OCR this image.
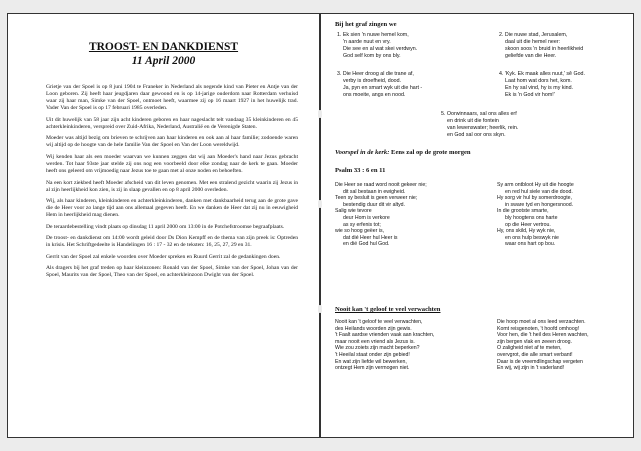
TROOST- EN DANKDIENST
11 April 2000

Grietje van der Spoel is op 8 juni 1904 te Franeker in Nederland als negende kind van Pieter en Antje van der Loon geboren. Zij heeft haar jeugdjaren daar gewoond en is op 14-jarige ouderdom naar Rotterdam verhuisd waar zij haar man, Simke van der Spoel, ontmoet heeft, waarmee zij op 16 maart 1927 in het huwelijk trad. Vader Van der Spoel is op 17 februari 1985 overleden.

Uit dit huwelijk van 58 jaar zijn acht kinderen geboren en haar nageslacht telt vandaag 35 kleinkinderen en 45 achterkleinkinderen, verspreid over Zuid-Afrika, Nederland, Australië en de Verenigde Staten.

Moeder was altijd bezig om brieven te schrijven aan haar kinderen en ook aan al haar familie; zodoende waren wij altijd op de hoogte van de hele familie Van der Spoel en Van der Loon wereldwijd.

Wij kenden haar als een moeder waarvan we kunnen zeggen dat wij aan Moeder's hand naar Jezus gebracht werden. Tot haar 93ste jaar stelde zij ons nog een voorbeeld door elke zondag naar de kerk te gaan. Moeder heeft ons geleerd om vrijmoedig naar Jezus toe te gaan met al onze noden en behoeften.

Na een kort ziekbed heeft Moeder afscheid van dit leven genomen. Met een stralend gezicht waarin zij Jezus in al zijn heerlijkheid kon zien, is zij in slaap gevallen en op 8 april 2000 overleden.

Wij, als haar kinderen, kleinkinderen en achterkleinkinderen, danken met dankbaarheid terug aan de grote gave die de Heer voor zo lange tijd aan ons allemaal gegeven heeft. En we danken de Heer dat zij nu in eeuwigheid Hem in heerlijkheid mag dienen.

De teraardebestelling vindt plaats op dinsdag 11 april 2000 om 13:00 in de Potchefstroomse begraafplaats.

De troost- en dankdienst om 14:00 wordt geleid door Ds Dion Kempff en de thema van zijn preek is: Optreden in krisis. Het Schriftgedeelte is Handelingen 16 : 17 - 32 en de teksten: 16, 25, 27, 29 en 31.

Gerrit van der Spoel zal enkele woorden over Moeder spreken en Ruurd Gerrit zal de gedankingen doen.

Als dragers bij het graf treden op haar kleinzonen: Ronald van der Spoel, Simke van der Spoel, Johan van der Spoel, Maurits van der Spoel, Theo van der Spoel, en achterkleinzoon Dwight van der Spoel.

Bij het graf zingen we
1. Ek sien 'n nuwe hemel kom,
'n aarde nuut en vry.
Die see en al wat skei verdwyn.
God self kom by ons bly.
2. Die nuwe stad, Jerusalem,
daal uit die hemel neer:
skoon soos 'n bruid in heerlikheid
geliefde van die Heer.
3. Die Heer droog al die trane af,
verby is droefheid, dood.
Ja, pyn en smart wyk uit die hart -
ons moeite, angs en nood.
4. 'Kyk. Ek maak alles nuut,' sê God.
Laat hom wat dors het, kom.
En hy sal vind, hy is my kind.
Ek is 'n God vir hom!'
5. Oorwinnaars, sal ons alles erf
en drink uit die fontein
van lewenswater; heerlik, rein.
en God sal oor ons skyn.
Voorspel in de kerk: Eens zal op de grote morgen
Psalm 33 : 6 en 11
Die Heer se raad word nooit gekeer nie;
dit sal bestaan in ewigheid.
Teen sy besluit is geen verweer nie;
bestendig duur dit vir altyd.
Salig wie tevore
deur Hom is verkore
as sy erfenis tot;
wie so hoog geëer is,
dat dié Heer hul Heer is
en dié God hul God.
Sy arm ontbloot Hy uit die hoogte
en red hul siele van die dood.
Hy sorg vir hul by somerdroogte,
in sware tyd en hongersnood.
In die grootste smarte,
bly hoogtens ons harte
op die Heer vertrou.
Hy, ons skild, Hy wyk nie,
en ons hulp beswyk nie
waar ons hart op bou.
Nooit kan 't geloof te veel verwachten
Nooit kan 't geloof te veel verwachten,
des Heilands woorden zijn gewis.
't Faalt aardse vrienden vaak aan krachten,
maar nooit een vriend als Jezus is.
Wie zou zoiets zijn macht beperken?
't Heeilal staat onder zijn gebied!
En wat zijn liefde wil bewerken,
ontzegt Hem zijn vermogen niet.
Die hoop moet al ons leed verzachten.
Komt reisgenoten, 't hoofd omhoog!
Voor hen, die 't heil des Heren wachten,
zijn bergen vlak en zeeen droog.
O zaligheid niet af te meten,
overvgrot, die alle smart verbant!
Daar is de vreemdlingschap vergeten
En wij, wij zijn in 't vaderland!
